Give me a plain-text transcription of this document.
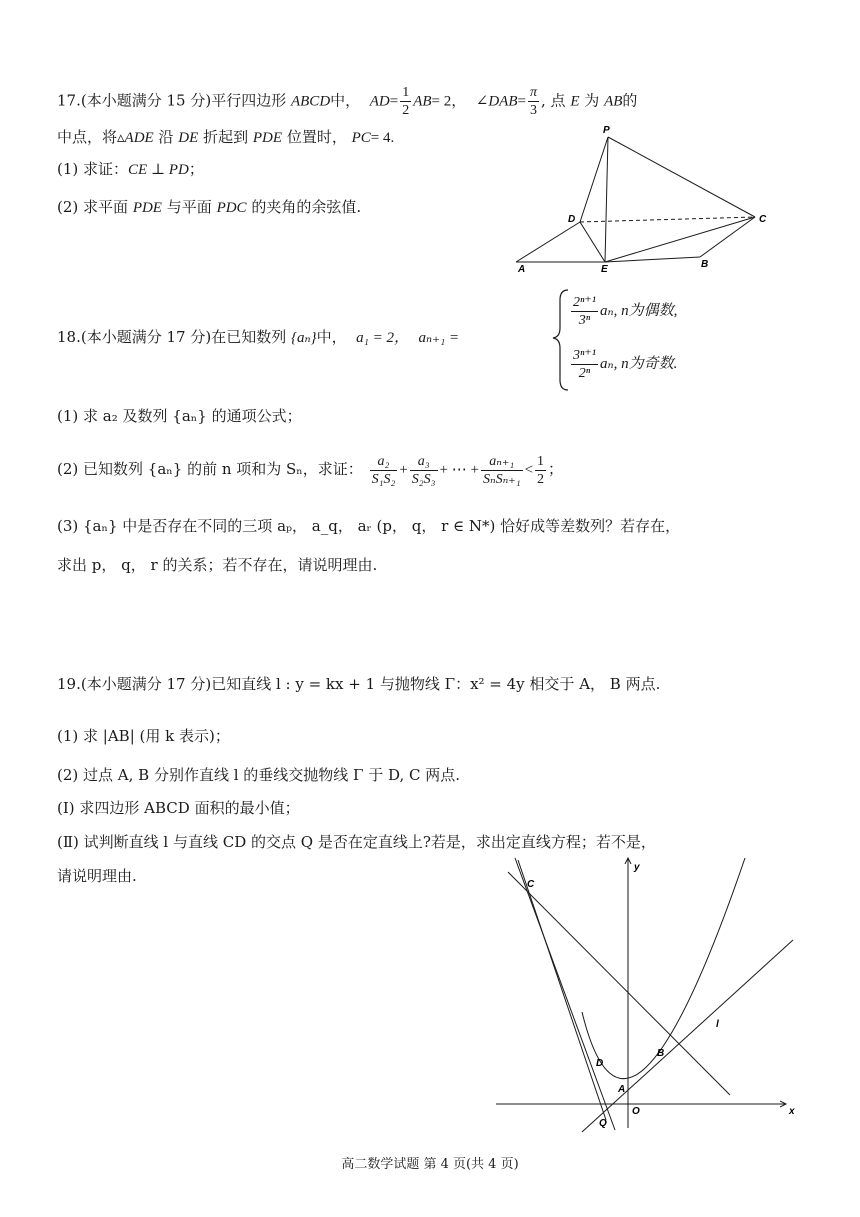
17.(本小题满分 15 分)平行四边形 ABCD中， $AD= \frac{1}{2} AB= 2$， ∠DAB= $\frac{\pi}{3}$ , 点 E 为 AB的
中点，将▵ADE 沿 DE 折起到 PDE 位置时， PC= 4.
(1) 求证：CE ⊥ PD；
(2) 求平面 PDE 与平面 PDC 的夹角的余弦值.
P
D	C
A	E	B
18.(本小题满分 17 分)在已知数列 {aₙ}中， a₁ = 2， aₙ₊₁ =
$\frac{\text{2ⁿ⁺¹}}{\text{3ⁿ}} a_n$, n为偶数,
$\frac{\text{3ⁿ⁺¹}}{\text{2ⁿ}} a_n$, n为奇数.
(1) 求 a₂ 及数列 {aₙ} 的通项公式；
(2) 已知数列 {aₙ} 的前 n 项和为 Sₙ，求证： $\frac{\text{a₂}}{\text{S₁S₂}} + \frac{\text{a₃}}{\text{S₂S₃}}$ + ⋯ + $\frac{\text{aₙ₊₁}}{\text{SₙSₙ₊₁}} < \frac{1}{2}$ ；
(3) {aₙ} 中是否存在不同的三项 aₚ， a_q， aᵣ (p， q， r ∈ N*) 恰好成等差数列？若存在，
求出 p， q， r 的关系；若不存在，请说明理由.
19.(本小题满分 17 分)已知直线 l : y = kx + 1 与抛物线 Γ：x² = 4y 相交于 A， B 两点.
(1) 求 |AB| (用 k 表示)；
(2) 过点 A, B 分别作直线 l 的垂线交抛物线 Γ 于 D, C 两点.
(Ⅰ) 求四边形 ABCD 面积的最小值；
(Ⅱ) 试判断直线 l 与直线 CD 的交点 Q 是否在定直线上?若是，求出定直线方程；若不是，
请说明理由.	C
y
l
B
D
A
O
Q
x
高二数学试题 第 4 页(共 4 页)
